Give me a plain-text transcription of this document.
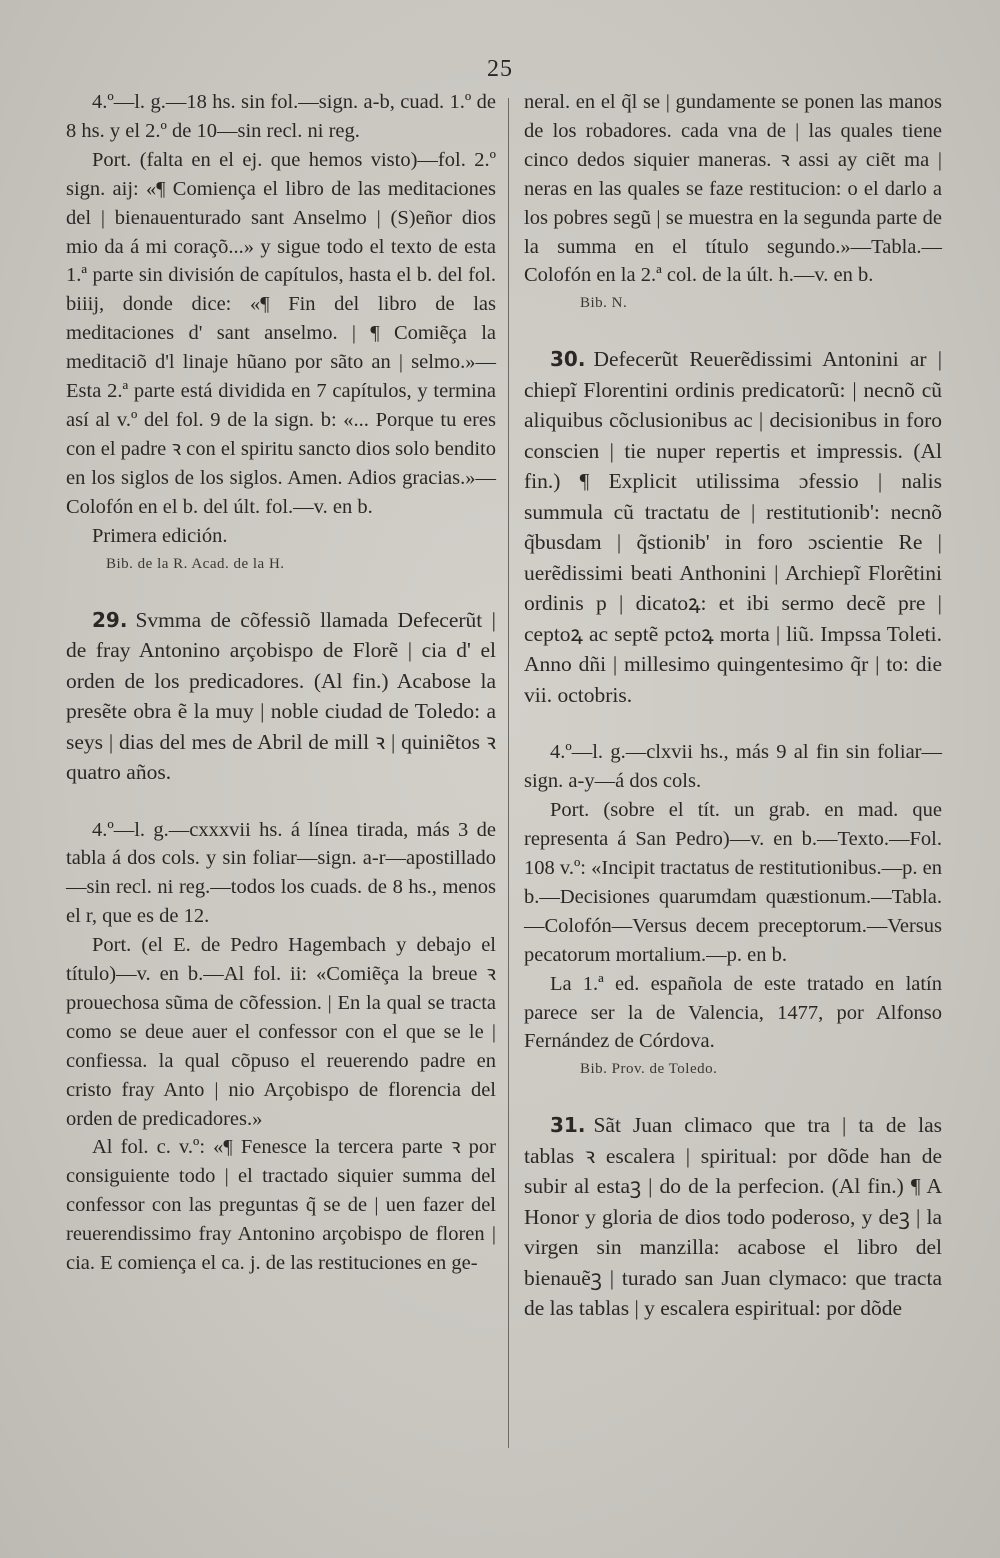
25

4.º—l. g.—18 hs. sin fol.—sign. a-b, cuad. 1.º de 8 hs. y el 2.º de 10—sin recl. ni reg.

Port. (falta en el ej. que hemos visto)—fol. 2.º sign. aij: «¶ Comiença el libro de las meditaciones del | bienauenturado sant Anselmo | (S)eñor dios mio da á mi coraçõ...» y sigue todo el texto de esta 1.ª parte sin división de capítulos, hasta el b. del fol. biiij, donde dice: «¶ Fin del libro de las meditaciones d' sant anselmo. | ¶ Comiẽça la meditaciõ d'l linaje hũano por sãto an | selmo.»—Esta 2.ª parte está dividida en 7 capítulos, y termina así al v.º del fol. 9 de la sign. b: «... Porque tu eres con el padre ꝛ con el spiritu sancto dios solo bendito en los siglos de los siglos. Amen. Adios gracias.»—Colofón en el b. del últ. fol.—v. en b.

Primera edición.

Bib. de la R. Acad. de la H.

29. Svmma de cõfessiõ llamada Defecerũt | de fray Antonino arçobispo de Florẽ | cia d' el orden de los predicadores. (Al fin.) Acabose la presẽte obra ẽ la muy | noble ciudad de Toledo: a seys | dias del mes de Abril de mill ꝛ | quiniẽtos ꝛ quatro años.

4.º—l. g.—cxxxvii hs. á línea tirada, más 3 de tabla á dos cols. y sin foliar—sign. a-r—apostillado—sin recl. ni reg.—todos los cuads. de 8 hs., menos el r, que es de 12.

Port. (el E. de Pedro Hagembach y debajo el título)—v. en b.—Al fol. ii: «Comiẽça la breue ꝛ prouechosa sũma de cõfession. | En la qual se tracta como se deue auer el confessor con el que se le | confiessa. la qual cõpuso el reuerendo padre en cristo fray Anto | nio Arçobispo de florencia del orden de predicadores.»

Al fol. c. v.º: «¶ Fenesce la tercera parte ꝛ por consiguiente todo | el tractado siquier summa del confessor con las preguntas q̃ se de | uen fazer del reuerendissimo fray Antonino arçobispo de floren | cia. E comiença el ca. j. de las restituciones en ge-

neral. en el q̃l se | gundamente se ponen las manos de los robadores. cada vna de | las quales tiene cinco dedos siquier maneras. ꝛ assi ay ciẽt ma | neras en las quales se faze restitucion: o el darlo a los pobres segũ | se muestra en la segunda parte de la summa en el título segundo.»—Tabla.—Colofón en la 2.ª col. de la últ. h.—v. en b.

Bib. N.

30. Defecerũt Reuerẽdissimi Antonini ar | chiepĩ Florentini ordinis predicatorũ: | necnõ cũ aliquibus cõclusionibus ac | decisionibus in foro conscien | tie nuper repertis et impressis. (Al fin.) ¶ Explicit utilissima ɔfessio | nalis summula cũ tractatu de | restitutionib': necnõ q̃busdam | q̃stionib' in foro ɔscientie Re | uerẽdissimi beati Anthonini | Archiepĩ Florẽtini ordinis p | dicatoꝝ: et ibi sermo decẽ pre | ceptoꝝ ac septẽ pctoꝝ morta | liũ. Impssa Toleti. Anno dñi | millesimo quingentesimo q̃r | to: die vii. octobris.

4.º—l. g.—clxvii hs., más 9 al fin sin foliar—sign. a-y—á dos cols.

Port. (sobre el tít. un grab. en mad. que representa á San Pedro)—v. en b.—Texto.—Fol. 108 v.º: «Incipit tractatus de restitutionibus.—p. en b.—Decisiones quarumdam quæstionum.—Tabla.—Colofón—Versus decem preceptorum.—Versus pecatorum mortalium.—p. en b.

La 1.ª ed. española de este tratado en latín parece ser la de Valencia, 1477, por Alfonso Fernández de Córdova.

Bib. Prov. de Toledo.

31. Sãt Juan climaco que tra | ta de las tablas ꝛ escalera | spiritual: por dõde han de subir al estaꝫ | do de la perfecion. (Al fin.) ¶ A Honor y gloria de dios todo poderoso, y deꝫ | la virgen sin manzilla: acabose el libro del bienauẽꝫ | turado san Juan clymaco: que tracta de las tablas | y escalera espiritual: por dõde
